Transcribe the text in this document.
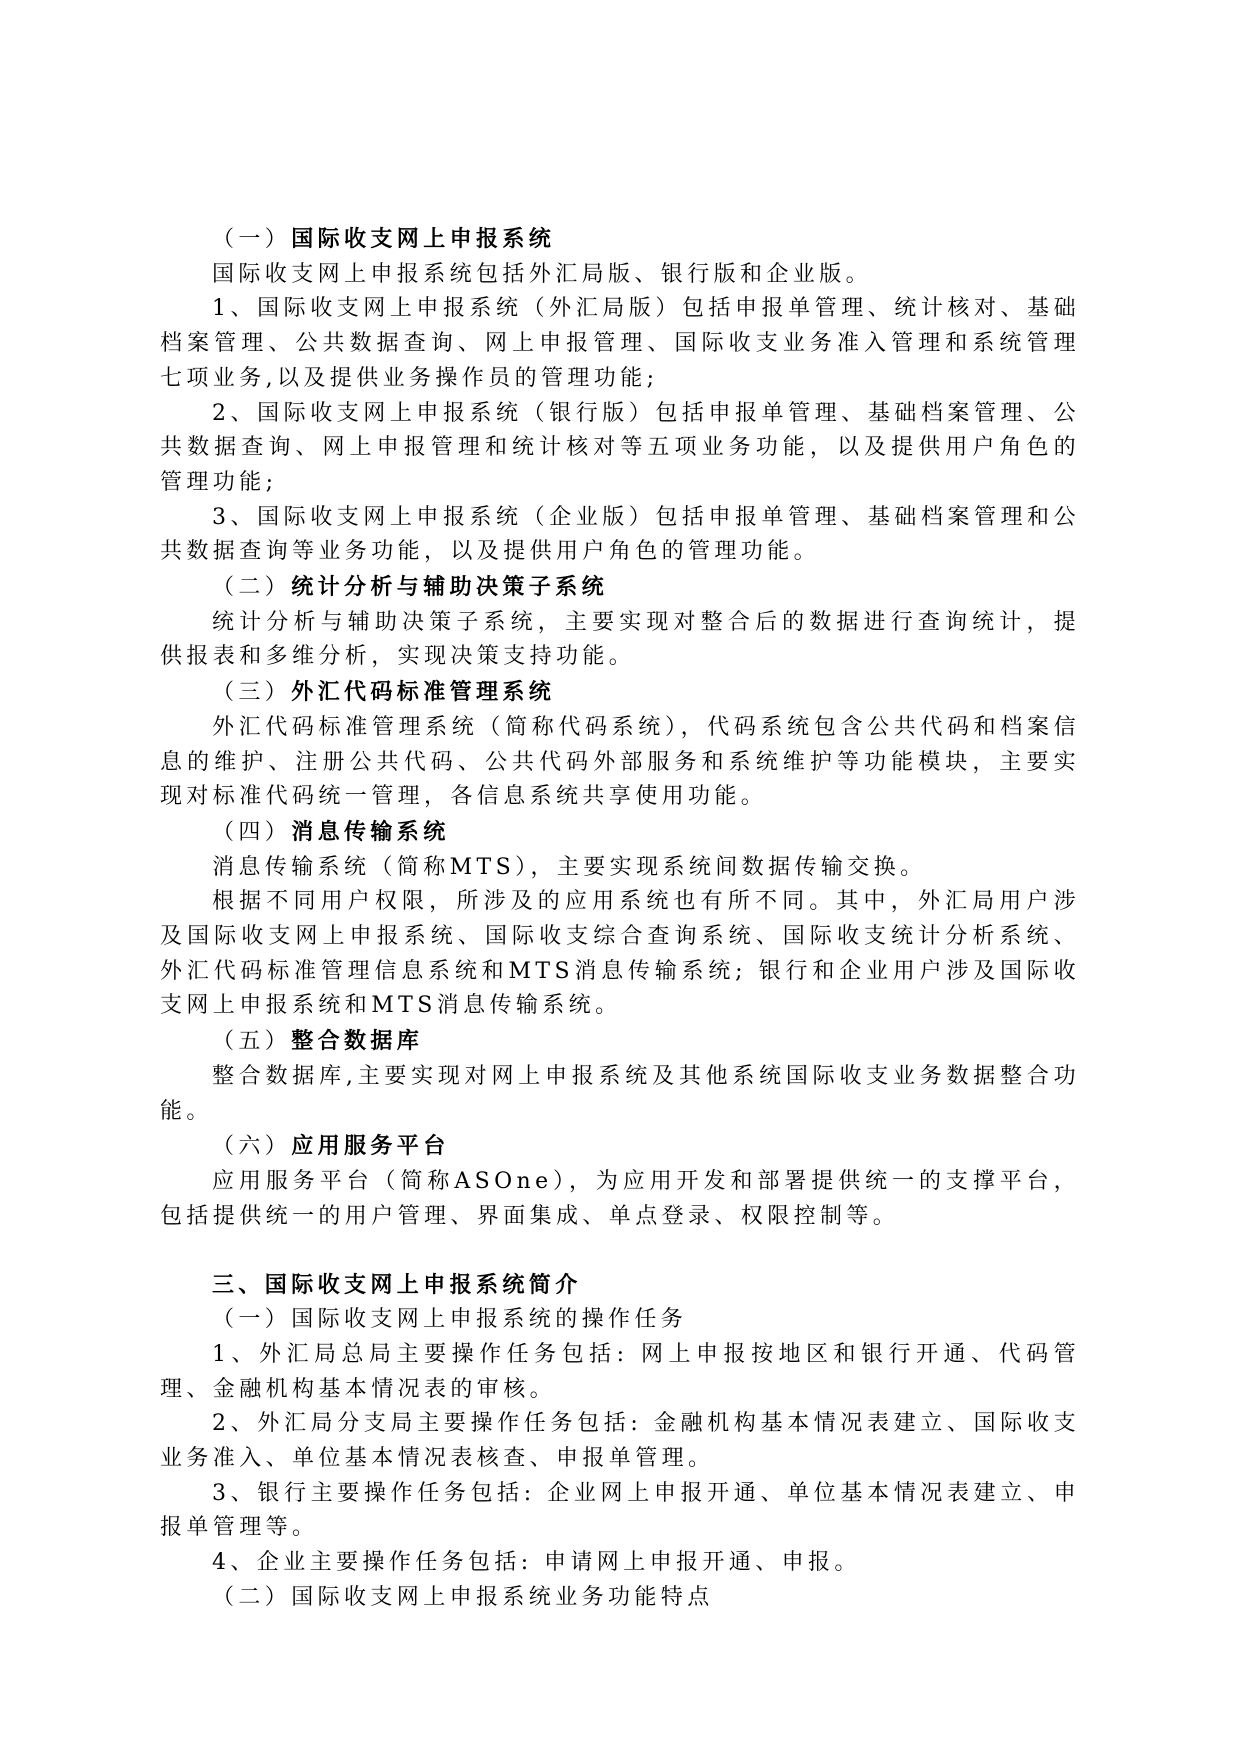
（一）国际收支网上申报系统

国际收支网上申报系统包括外汇局版、银行版和企业版。

1、国际收支网上申报系统（外汇局版）包括申报单管理、统计核对、基础档案管理、公共数据查询、网上申报管理、国际收支业务准入管理和系统管理七项业务,以及提供业务操作员的管理功能;

2、国际收支网上申报系统（银行版）包括申报单管理、基础档案管理、公共数据查询、网上申报管理和统计核对等五项业务功能，以及提供用户角色的管理功能;

3、国际收支网上申报系统（企业版）包括申报单管理、基础档案管理和公共数据查询等业务功能，以及提供用户角色的管理功能。

（二）统计分析与辅助决策子系统

统计分析与辅助决策子系统，主要实现对整合后的数据进行查询统计，提供报表和多维分析，实现决策支持功能。

（三）外汇代码标准管理系统

外汇代码标准管理系统（简称代码系统），代码系统包含公共代码和档案信息的维护、注册公共代码、公共代码外部服务和系统维护等功能模块，主要实现对标准代码统一管理，各信息系统共享使用功能。

（四）消息传输系统

消息传输系统（简称MTS），主要实现系统间数据传输交换。

根据不同用户权限，所涉及的应用系统也有所不同。其中，外汇局用户涉及国际收支网上申报系统、国际收支综合查询系统、国际收支统计分析系统、外汇代码标准管理信息系统和MTS消息传输系统; 银行和企业用户涉及国际收支网上申报系统和MTS消息传输系统。

（五）整合数据库

整合数据库,主要实现对网上申报系统及其他系统国际收支业务数据整合功能。

（六）应用服务平台

应用服务平台（简称ASOne），为应用开发和部署提供统一的支撑平台，包括提供统一的用户管理、界面集成、单点登录、权限控制等。

三、国际收支网上申报系统简介

（一）国际收支网上申报系统的操作任务

1、外汇局总局主要操作任务包括: 网上申报按地区和银行开通、代码管理、金融机构基本情况表的审核。

2、外汇局分支局主要操作任务包括: 金融机构基本情况表建立、国际收支业务准入、单位基本情况表核查、申报单管理。

3、银行主要操作任务包括: 企业网上申报开通、单位基本情况表建立、申报单管理等。

4、企业主要操作任务包括: 申请网上申报开通、申报。

（二）国际收支网上申报系统业务功能特点
